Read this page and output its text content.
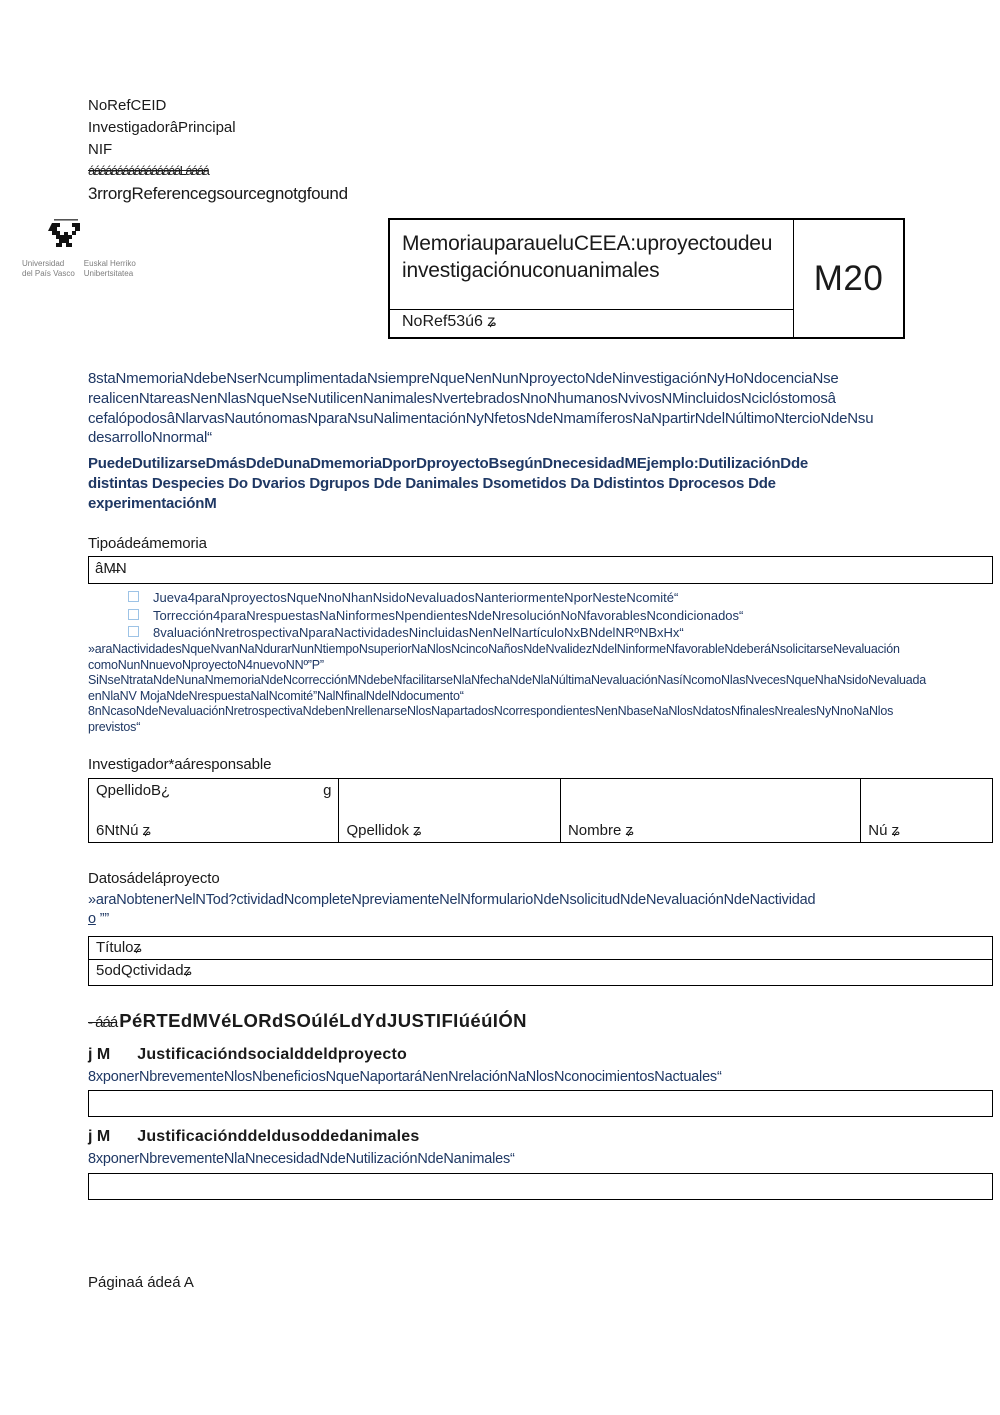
NoRefCEID
InvestigadorâPrincipal
NIF
ááááááááááááááááLáááá
3rrorgReferencegsourcegnotgfound
Universidad
del País Vasco
Euskal Herriko
Unibertsitatea
MemoriauparaueluCEEA:uproyectoudeu investigaciónuconuanimales
NoRef53ú6 ʑ
M20
8staNmemoriaNdebeNserNcumplimentadaNsiempreNqueNenNunNproyectoNdeNinvestigaciónNyHoNdocenciaNse
realicenNtareasNenNlasNqueNseNutilicenNanimalesNvertebradosNnoNhumanosNvivosNMincluidosNciclóstomosâ
cefalópodosâNlarvasNautónomasNparaNsuNalimentaciónNyNfetosNdeNmamíferosNaNpartirNdelNúltimoNtercioNdeNsu
desarrolloNnormal“
PuedeDutilizarseDmásDdeDunaDmemoriaDporDproyectoBsegúnDnecesidadMEjemplo:DutilizaciónDde
distintas Despecies Do Dvarios Dgrupos Dde Danimales Dsometidos Da Ddistintos Dprocesos Dde
experimentaciónM
Tipoádeámemoria
âM̶N
Jueva4paraNproyectosNqueNnoNhanNsidoNevaluadosNanteriormenteNporNesteNcomité“
Torrección4paraNrespuestasNaNinformesNpendientesNdeNresoluciónNoNfavorablesNcondicionados“
8valuaciónNretrospectivaNparaNactividadesNincluidasNenNelNartículoNxBNdelNRºNBxHx“
»araNactividadesNqueNvanNaNdurarNunNtiempoNsuperiorNaNlosNcincoNañosNdeNvalidezNdelNinformeNfavorableNdeberáNsolicitarseNevaluación
comoNunNnuevoNproyectoN4nuevoNNº”P”
SiNseNtrataNdeNunaNmemoriaNdeNcorrecciónMNdebeNfacilitarseNlaNfechaNdeNlaNúltimaNevaluaciónNasíNcomoNlasNvecesNqueNhaNsidoNevaluada
enNlaNV MojaNdeNrespuestaNalNcomité”NalNfinalNdelNdocumento“
8nNcasoNdeNevaluaciónNretrospectivaNdebenNrellenarseNlosNapartadosNcorrespondientesNenNbaseNaNlosNdatosNfinalesNrealesNyNnoNaNlos
previstos“
Investigador*aáresponsable
QpellidoB¿	g
6NtNú ʑ	Qpellidok ʑ	Nombre ʑ	Nú ʑ
Datosádeláproyecto
»araNobtenerNelNTod?ctividadNcompleteNpreviamenteNelNformularioNdeNsolicitudNdeNevaluaciónNdeNactividad
o ””
Títuloʑ
5odQctividadʑ
- ááá PéRTEdMVéLORdSOúléLdYdJUSTIFIúéúIÓN
j M Justificacióndsocialddeldproyecto
8xponerNbrevementeNlosNbeneficiosNqueNaportaráNenNrelaciónNaNlosNconocimientosNactuales“
j M Justificaciónddeldusoddedanimales
8xponerNbrevementeNlaNnecesidadNdeNutilizaciónNdeNanimales“
Páginaá ádeá A
